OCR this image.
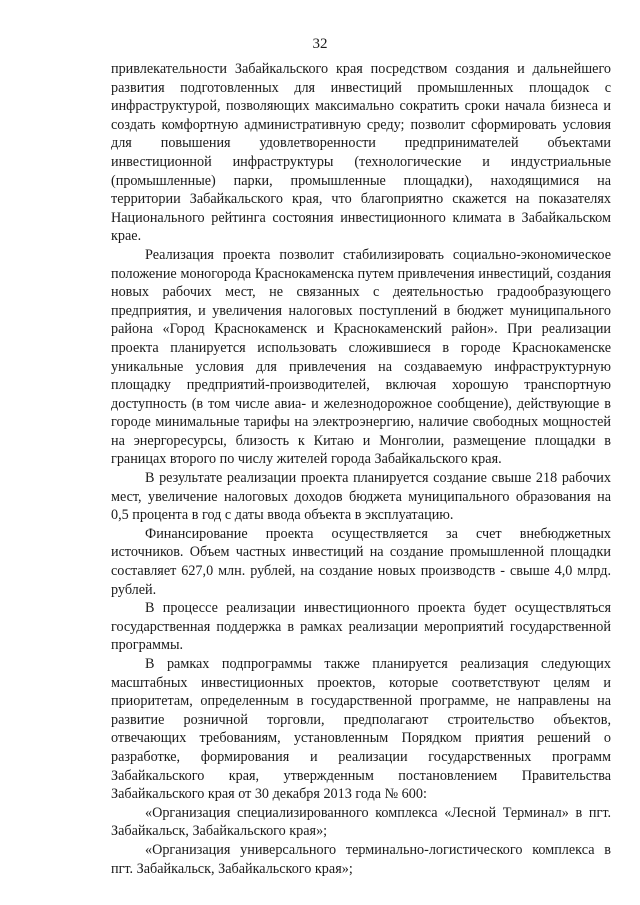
32

привлекательности Забайкальского края посредством создания и дальнейшего развития подготовленных для инвестиций промышленных площадок с инфраструктурой, позволяющих максимально сократить сроки начала бизнеса и создать комфортную административную среду; позволит сформировать условия для повышения удовлетворенности предпринимателей объектами инвестиционной инфраструктуры (технологические и индустриальные (промышленные) парки, промышленные площадки), находящимися на территории Забайкальского края, что благоприятно скажется на показателях Национального рейтинга состояния инвестиционного климата в Забайкальском крае.

Реализация проекта позволит стабилизировать социально-экономическое положение моногорода Краснокаменска путем привлечения инвестиций, создания новых рабочих мест, не связанных с деятельностью градообразующего предприятия, и увеличения налоговых поступлений в бюджет муниципального района «Город Краснокаменск и Краснокаменский район». При реализации проекта планируется использовать сложившиеся в городе Краснокаменске уникальные условия для привлечения на создаваемую инфраструктурную площадку предприятий-производителей, включая хорошую транспортную доступность (в том числе авиа- и железнодорожное сообщение), действующие в городе минимальные тарифы на электроэнергию, наличие свободных мощностей на энергоресурсы, близость к Китаю и Монголии, размещение площадки в границах второго по числу жителей города Забайкальского края.

В результате реализации проекта планируется создание свыше 218 рабочих мест, увеличение налоговых доходов бюджета муниципального образования на 0,5 процента в год с даты ввода объекта в эксплуатацию.

Финансирование проекта осуществляется за счет внебюджетных источников. Объем частных инвестиций на создание промышленной площадки составляет 627,0 млн. рублей, на создание новых производств - свыше 4,0 млрд. рублей.

В процессе реализации инвестиционного проекта будет осуществляться государственная поддержка в рамках реализации мероприятий государственной программы.

В рамках подпрограммы также планируется реализация следующих масштабных инвестиционных проектов, которые соответствуют целям и приоритетам, определенным в государственной программе, не направлены на развитие розничной торговли, предполагают строительство объектов, отвечающих требованиям, установленным Порядком приятия решений о разработке, формирования и реализации государственных программ Забайкальского края, утвержденным постановлением Правительства Забайкальского края от 30 декабря 2013 года № 600:

«Организация специализированного комплекса «Лесной Терминал» в пгт. Забайкальск, Забайкальского края»;

«Организация универсального терминально-логистического комплекса в пгт. Забайкальск, Забайкальского края»;
